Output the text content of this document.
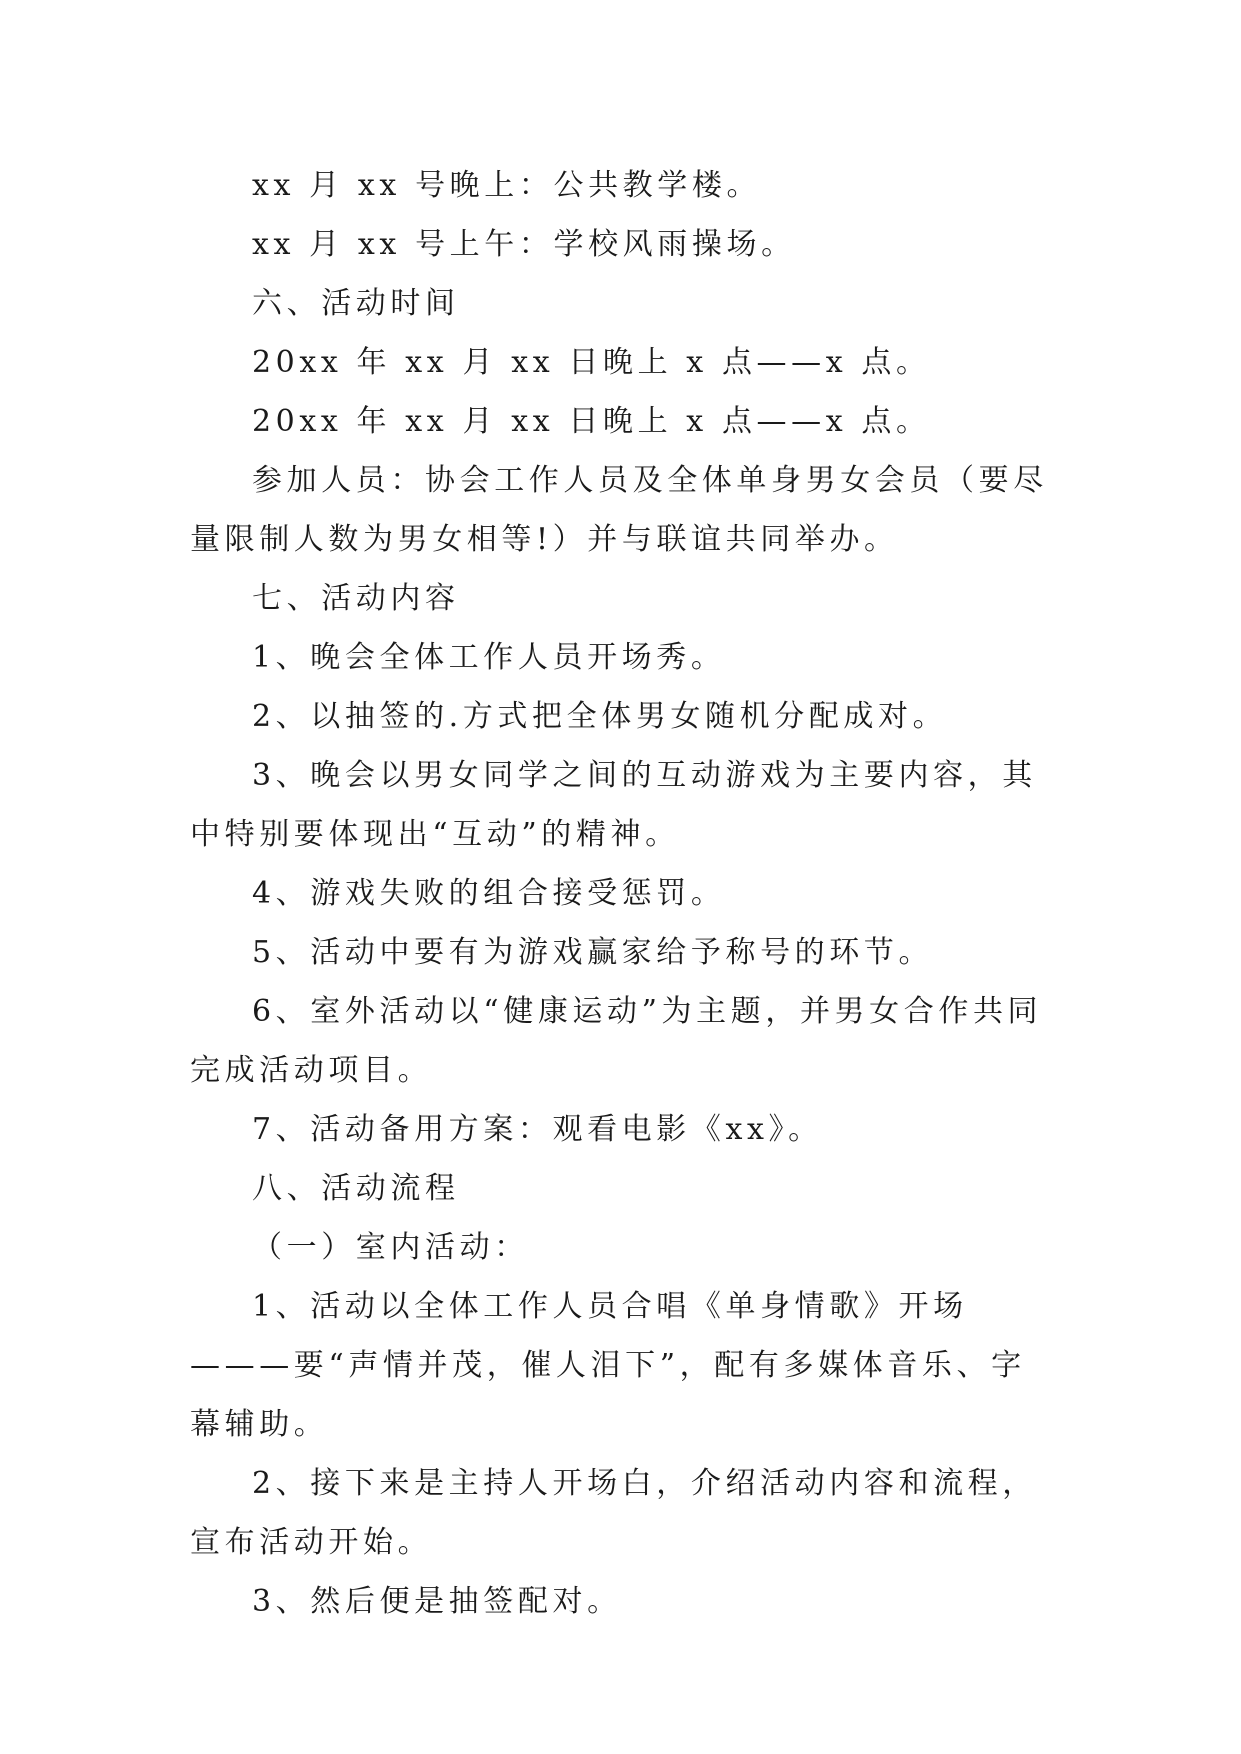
xx 月 xx 号晚上：公共教学楼。

xx 月 xx 号上午：学校风雨操场。

六、活动时间

20xx 年 xx 月 xx 日晚上 x 点——x 点。

20xx 年 xx 月 xx 日晚上 x 点——x 点。

参加人员：协会工作人员及全体单身男女会员（要尽量限制人数为男女相等!）并与联谊共同举办。

七、活动内容

1、晚会全体工作人员开场秀。

2、以抽签的.方式把全体男女随机分配成对。

3、晚会以男女同学之间的互动游戏为主要内容，其中特别要体现出“互动”的精神。

4、游戏失败的组合接受惩罚。

5、活动中要有为游戏赢家给予称号的环节。

6、室外活动以“健康运动”为主题，并男女合作共同完成活动项目。

7、活动备用方案：观看电影《xx》。

八、活动流程

（一）室内活动：

1、活动以全体工作人员合唱《单身情歌》开场———要“声情并茂，催人泪下”，配有多媒体音乐、字幕辅助。

2、接下来是主持人开场白，介绍活动内容和流程，宣布活动开始。

3、然后便是抽签配对。
